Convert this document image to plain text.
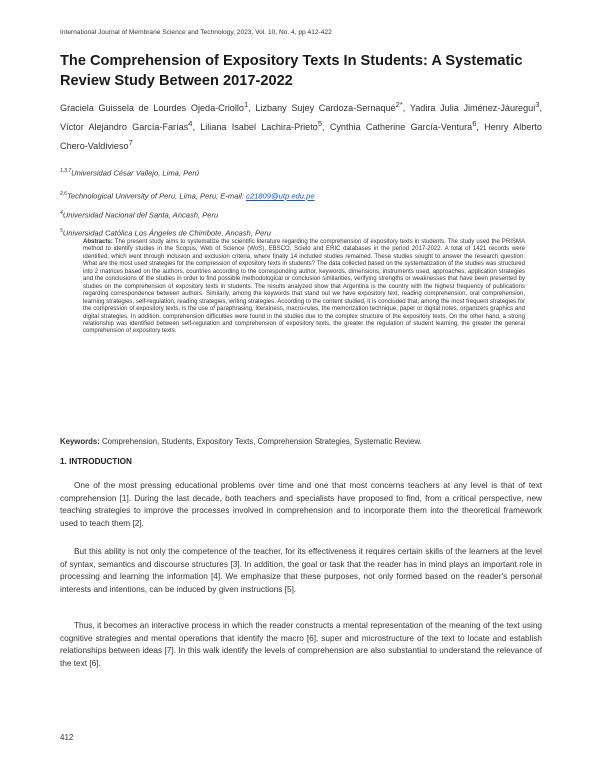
International Journal of Membrane Science and Technology, 2023, Vol. 10, No. 4, pp 412-422
The Comprehension of Expository Texts In Students: A Systematic Review Study Between 2017-2022
Graciela Guissela de Lourdes Ojeda-Criollo$^1$, Lizbany Sujey Cardoza-Sernaqué$^{2*}$, Yadira Julia Jiménez-Jáuregui$^3$, Víctor Alejandro García-Farías$^4$, Liliana Isabel Lachira-Prieto$^5$, Cynthia Catherine García-Ventura$^6$, Henry Alberto Chero-Valdivieso$^7$
$^{1,3,7}$Universidad César Vallejo, Lima, Perú
$^{2,6}$Technological University of Peru, Lima, Peru; E-mail: c21809@utp.edu.pe
$^4$Universidad Nacional del Santa, Ancash, Peru
$^5$Universidad Católica Los Ángeles de Chimbote, Ancash, Peru
Abstracts: The present study aims to systematize the scientific literature regarding the comprehension of expository texts in students. The study used the PRISMA method to identify studies in the Scopus, Web of Science (WoS), EBSCO, Scielo and ERIC databases in the period 2017-2022. A total of 1421 records were identified, which went through inclusion and exclusion criteria, where finally 14 included studies remained. These studies sought to answer the research question: What are the most used strategies for the compression of expository texts in students? The data collected based on the systematization of the studies was structured into 2 matrices based on the authors, countries according to the corresponding author, keywords, dimensions, instruments used, approaches, application strategies and the conclusions of the studies in order to find possible methodological or conclusion similarities, verifying strengths or weaknesses that have been presented by studies on the comprehension of expository texts in students. The results analyzed show that Argentina is the country with the highest frequency of publications regarding correspondence between authors. Similarly, among the keywords that stand out we have expository text, reading comprehension, oral comprehension, learning strategies, self-regulation, reading strategies, writing strategies. According to the content studied, it is concluded that, among the most frequent strategies for the compression of expository texts, is the use of paraphrasing, literalness, macro-rules, the memorization technique, paper or digital notes, organizers graphics and digital strategies. In addition, comprehension difficulties were found in the studies due to the complex structure of the expository texts. On the other hand, a strong relationship was identified between self-regulation and comprehension of expository texts, the greater the regulation of student learning, the greater the general comprehension of expository texts.
Keywords: Comprehension, Students, Expository Texts, Comprehension Strategies, Systematic Review.
1. INTRODUCTION

One of the most pressing educational problems over time and one that most concerns teachers at any level is that of text comprehension [1]. During the last decade, both teachers and specialists have proposed to find, from a critical perspective, new teaching strategies to improve the processes involved in comprehension and to incorporate them into the theoretical framework used to teach them [2].

But this ability is not only the competence of the teacher, for its effectiveness it requires certain skills of the learners at the level of syntax, semantics and discourse structures [3]. In addition, the goal or task that the reader has in mind plays an important role in processing and learning the information [4]. We emphasize that these purposes, not only formed based on the reader's personal interests and intentions, can be induced by given instructions [5].

Thus, it becomes an interactive process in which the reader constructs a mental representation of the meaning of the text using cognitive strategies and mental operations that identify the macro [6], super and microstructure of the text to locate and establish relationships between ideas [7]. In this walk identify the levels of comprehension are also substantial to understand the relevance of the text [6].

412
